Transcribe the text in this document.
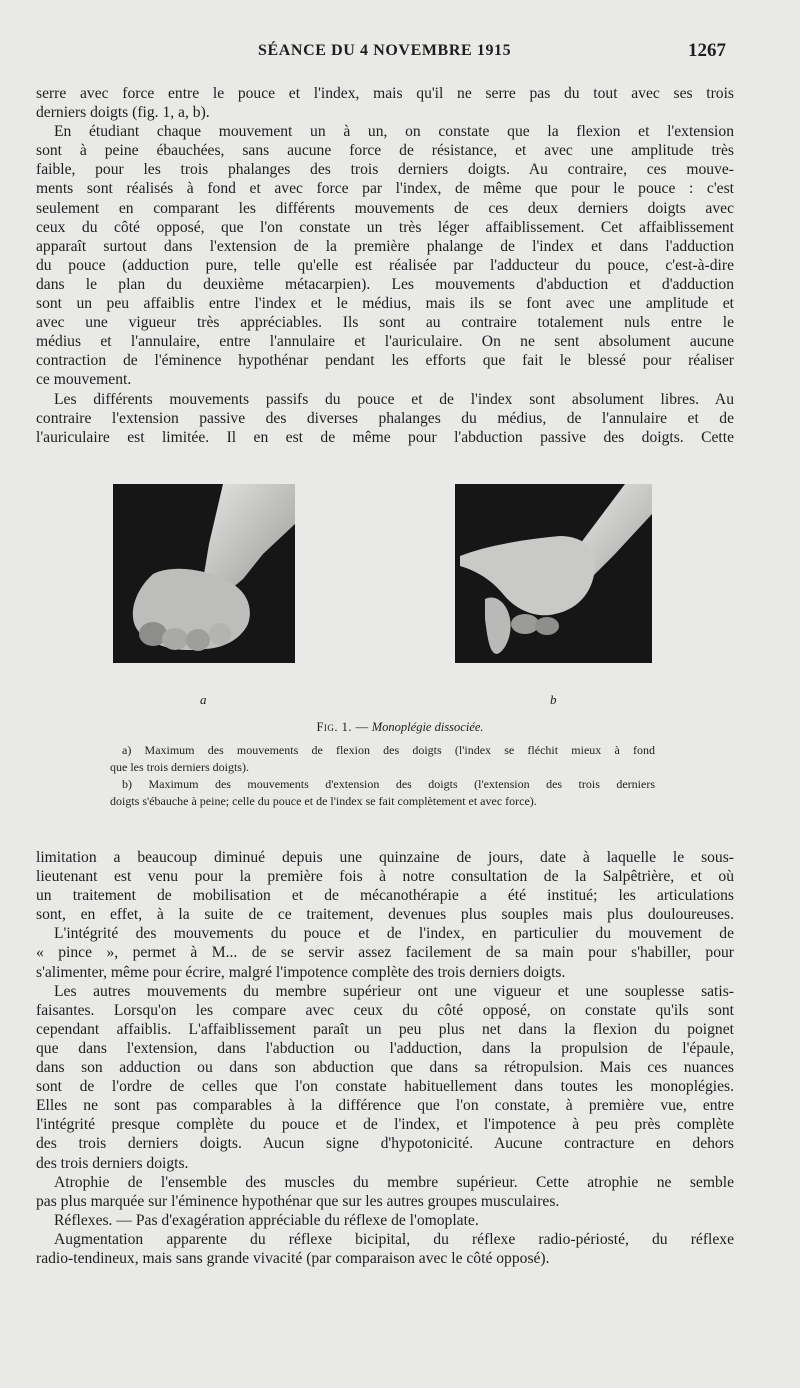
SÉANCE DU 4 NOVEMBRE 1915	1267
serre avec force entre le pouce et l'index, mais qu'il ne serre pas du tout avec ses trois
derniers doigts (fig. 1, a, b).
En étudiant chaque mouvement un à un, on constate que la flexion et l'extension
sont à peine ébauchées, sans aucune force de résistance, et avec une amplitude très
faible, pour les trois phalanges des trois derniers doigts. Au contraire, ces mouve-
ments sont réalisés à fond et avec force par l'index, de même que pour le pouce : c'est
seulement en comparant les différents mouvements de ces deux derniers doigts avec
ceux du côté opposé, que l'on constate un très léger affaiblissement. Cet affaiblissement
apparaît surtout dans l'extension de la première phalange de l'index et dans l'adduction
du pouce (adduction pure, telle qu'elle est réalisée par l'adducteur du pouce, c'est-à-dire
dans le plan du deuxième métacarpien). Les mouvements d'abduction et d'adduction
sont un peu affaiblis entre l'index et le médius, mais ils se font avec une amplitude et
avec une vigueur très appréciables. Ils sont au contraire totalement nuls entre le
médius et l'annulaire, entre l'annulaire et l'auriculaire. On ne sent absolument aucune
contraction de l'éminence hypothénar pendant les efforts que fait le blessé pour réaliser
ce mouvement.
Les différents mouvements passifs du pouce et de l'index sont absolument libres. Au
contraire l'extension passive des diverses phalanges du médius, de l'annulaire et de
l'auriculaire est limitée. Il en est de même pour l'abduction passive des doigts. Cette
a	b
Fig. 1. — Monoplégie dissociée.
a) Maximum des mouvements de flexion des doigts (l'index se fléchit mieux à fond
que les trois derniers doigts).
b) Maximum des mouvements d'extension des doigts (l'extension des trois derniers
doigts s'ébauche à peine; celle du pouce et de l'index se fait complètement et avec force).
limitation a beaucoup diminué depuis une quinzaine de jours, date à laquelle le sous-
lieutenant est venu pour la première fois à notre consultation de la Salpêtrière, et où
un traitement de mobilisation et de mécanothérapie a été institué; les articulations
sont, en effet, à la suite de ce traitement, devenues plus souples mais plus douloureuses.
L'intégrité des mouvements du pouce et de l'index, en particulier du mouvement de
« pince », permet à M... de se servir assez facilement de sa main pour s'habiller, pour
s'alimenter, même pour écrire, malgré l'impotence complète des trois derniers doigts.
Les autres mouvements du membre supérieur ont une vigueur et une souplesse satis-
faisantes. Lorsqu'on les compare avec ceux du côté opposé, on constate qu'ils sont
cependant affaiblis. L'affaiblissement paraît un peu plus net dans la flexion du poignet
que dans l'extension, dans l'abduction ou l'adduction, dans la propulsion de l'épaule,
dans son adduction ou dans son abduction que dans sa rétropulsion. Mais ces nuances
sont de l'ordre de celles que l'on constate habituellement dans toutes les monoplégies.
Elles ne sont pas comparables à la différence que l'on constate, à première vue, entre
l'intégrité presque complète du pouce et de l'index, et l'impotence à peu près complète
des trois derniers doigts. Aucun signe d'hypotonicité. Aucune contracture en dehors
des trois derniers doigts.
Atrophie de l'ensemble des muscles du membre supérieur. Cette atrophie ne semble
pas plus marquée sur l'éminence hypothénar que sur les autres groupes musculaires.
Réflexes. — Pas d'exagération appréciable du réflexe de l'omoplate.
Augmentation apparente du réflexe bicipital, du réflexe radio-périosté, du réflexe
radio-tendineux, mais sans grande vivacité (par comparaison avec le côté opposé).
